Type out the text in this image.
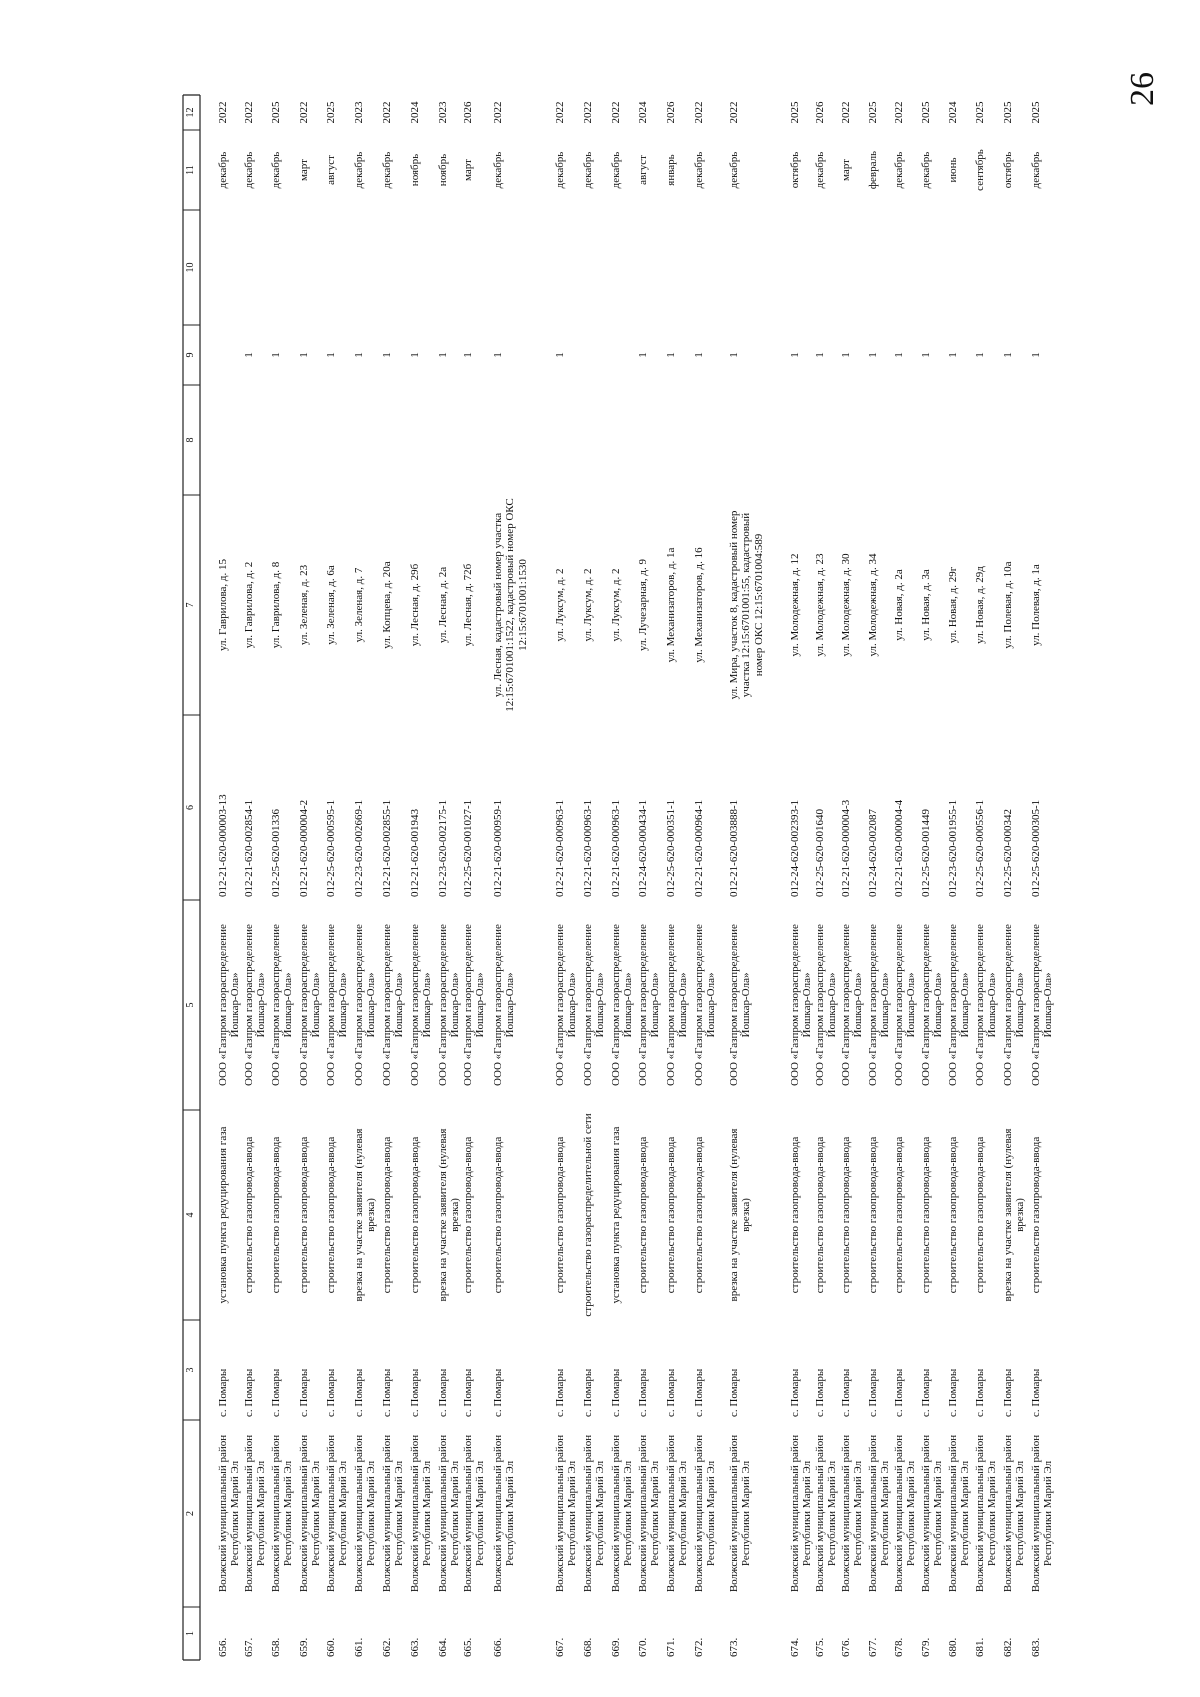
26
1
2
3
4
5
6
7
8
9
10
11
12
656.
Волжский муниципальный район Республики Марий Эл
с. Помары
установка пункта редуцирования газа
ООО «Газпром газораспределение Йошкар-Ола»
012-21-620-000003-13
ул. Гаврилова, д. 15
декабрь
2022
657.
Волжский муниципальный район Республики Марий Эл
с. Помары
строительство газопровода-ввода
ООО «Газпром газораспределение Йошкар-Ола»
012-21-620-002854-1
ул. Гаврилова, д. 2
1
декабрь
2022
658.
Волжский муниципальный район Республики Марий Эл
с. Помары
строительство газопровода-ввода
ООО «Газпром газораспределение Йошкар-Ола»
012-25-620-001336
ул. Гаврилова, д. 8
1
декабрь
2025
659.
Волжский муниципальный район Республики Марий Эл
с. Помары
строительство газопровода-ввода
ООО «Газпром газораспределение Йошкар-Ола»
012-21-620-000004-2
ул. Зеленая, д. 23
1
март
2022
660.
Волжский муниципальный район Республики Марий Эл
с. Помары
строительство газопровода-ввода
ООО «Газпром газораспределение Йошкар-Ола»
012-25-620-000595-1
ул. Зеленая, д. 6а
1
август
2025
661.
Волжский муниципальный район Республики Марий Эл
с. Помары
врезка на участке заявителя (нулевая врезка)
ООО «Газпром газораспределение Йошкар-Ола»
012-23-620-002669-1
ул. Зеленая, д. 7
1
декабрь
2023
662.
Волжский муниципальный район Республики Марий Эл
с. Помары
строительство газопровода-ввода
ООО «Газпром газораспределение Йошкар-Ола»
012-21-620-002855-1
ул. Копцева, д. 20а
1
декабрь
2022
663.
Волжский муниципальный район Республики Марий Эл
с. Помары
строительство газопровода-ввода
ООО «Газпром газораспределение Йошкар-Ола»
012-21-620-001943
ул. Лесная, д. 29б
1
ноябрь
2024
664.
Волжский муниципальный район Республики Марий Эл
с. Помары
врезка на участке заявителя (нулевая врезка)
ООО «Газпром газораспределение Йошкар-Ола»
012-23-620-002175-1
ул. Лесная, д. 2а
1
ноябрь
2023
665.
Волжский муниципальный район Республики Марий Эл
с. Помары
строительство газопровода-ввода
ООО «Газпром газораспределение Йошкар-Ола»
012-25-620-001027-1
ул. Лесная, д. 72б
1
март
2026
666.
Волжский муниципальный район Республики Марий Эл
с. Помары
строительство газопровода-ввода
ООО «Газпром газораспределение Йошкар-Ола»
012-21-620-000959-1
ул. Лесная, кадастровый номер участка 12:15:6701001:1522, кадастровый номер ОКС 12:15:6701001:1530
1
декабрь
2022
667.
Волжский муниципальный район Республики Марий Эл
с. Помары
строительство газопровода-ввода
ООО «Газпром газораспределение Йошкар-Ола»
012-21-620-000963-1
ул. Луксум, д. 2
1
декабрь
2022
668.
Волжский муниципальный район Республики Марий Эл
с. Помары
строительство газораспределительной сети
ООО «Газпром газораспределение Йошкар-Ола»
012-21-620-000963-1
ул. Луксум, д. 2
декабрь
2022
669.
Волжский муниципальный район Республики Марий Эл
с. Помары
установка пункта редуцирования газа
ООО «Газпром газораспределение Йошкар-Ола»
012-21-620-000963-1
ул. Луксум, д. 2
декабрь
2022
670.
Волжский муниципальный район Республики Марий Эл
с. Помары
строительство газопровода-ввода
ООО «Газпром газораспределение Йошкар-Ола»
012-24-620-000434-1
ул. Лучезарная, д. 9
1
август
2024
671.
Волжский муниципальный район Республики Марий Эл
с. Помары
строительство газопровода-ввода
ООО «Газпром газораспределение Йошкар-Ола»
012-25-620-000351-1
ул. Механизаторов, д. 1а
1
январь
2026
672.
Волжский муниципальный район Республики Марий Эл
с. Помары
строительство газопровода-ввода
ООО «Газпром газораспределение Йошкар-Ола»
012-21-620-000964-1
ул. Механизаторов, д. 16
1
декабрь
2022
673.
Волжский муниципальный район Республики Марий Эл
с. Помары
врезка на участке заявителя (нулевая врезка)
ООО «Газпром газораспределение Йошкар-Ола»
012-21-620-003888-1
ул. Мира, участок 8, кадастровый номер участка 12:15:6701001:55, кадастровый номер ОКС 12:15:6701004:589
1
декабрь
2022
674.
Волжский муниципальный район Республики Марий Эл
с. Помары
строительство газопровода-ввода
ООО «Газпром газораспределение Йошкар-Ола»
012-24-620-002393-1
ул. Молодежная, д. 12
1
октябрь
2025
675.
Волжский муниципальный район Республики Марий Эл
с. Помары
строительство газопровода-ввода
ООО «Газпром газораспределение Йошкар-Ола»
012-25-620-001640
ул. Молодежная, д. 23
1
декабрь
2026
676.
Волжский муниципальный район Республики Марий Эл
с. Помары
строительство газопровода-ввода
ООО «Газпром газораспределение Йошкар-Ола»
012-21-620-000004-3
ул. Молодежная, д. 30
1
март
2022
677.
Волжский муниципальный район Республики Марий Эл
с. Помары
строительство газопровода-ввода
ООО «Газпром газораспределение Йошкар-Ола»
012-24-620-002087
ул. Молодежная, д. 34
1
февраль
2025
678.
Волжский муниципальный район Республики Марий Эл
с. Помары
строительство газопровода-ввода
ООО «Газпром газораспределение Йошкар-Ола»
012-21-620-000004-4
ул. Новая, д. 2а
1
декабрь
2022
679.
Волжский муниципальный район Республики Марий Эл
с. Помары
строительство газопровода-ввода
ООО «Газпром газораспределение Йошкар-Ола»
012-25-620-001449
ул. Новая, д. 3а
1
декабрь
2025
680.
Волжский муниципальный район Республики Марий Эл
с. Помары
строительство газопровода-ввода
ООО «Газпром газораспределение Йошкар-Ола»
012-23-620-001955-1
ул. Новая, д. 29г
1
июнь
2024
681.
Волжский муниципальный район Республики Марий Эл
с. Помары
строительство газопровода-ввода
ООО «Газпром газораспределение Йошкар-Ола»
012-25-620-000556-1
ул. Новая, д. 29д
1
сентябрь
2025
682.
Волжский муниципальный район Республики Марий Эл
с. Помары
врезка на участке заявителя (нулевая врезка)
ООО «Газпром газораспределение Йошкар-Ола»
012-25-620-000342
ул. Полевая, д. 10а
1
октябрь
2025
683.
Волжский муниципальный район Республики Марий Эл
с. Помары
строительство газопровода-ввода
ООО «Газпром газораспределение Йошкар-Ола»
012-25-620-000305-1
ул. Полевая, д. 1а
1
декабрь
2025
